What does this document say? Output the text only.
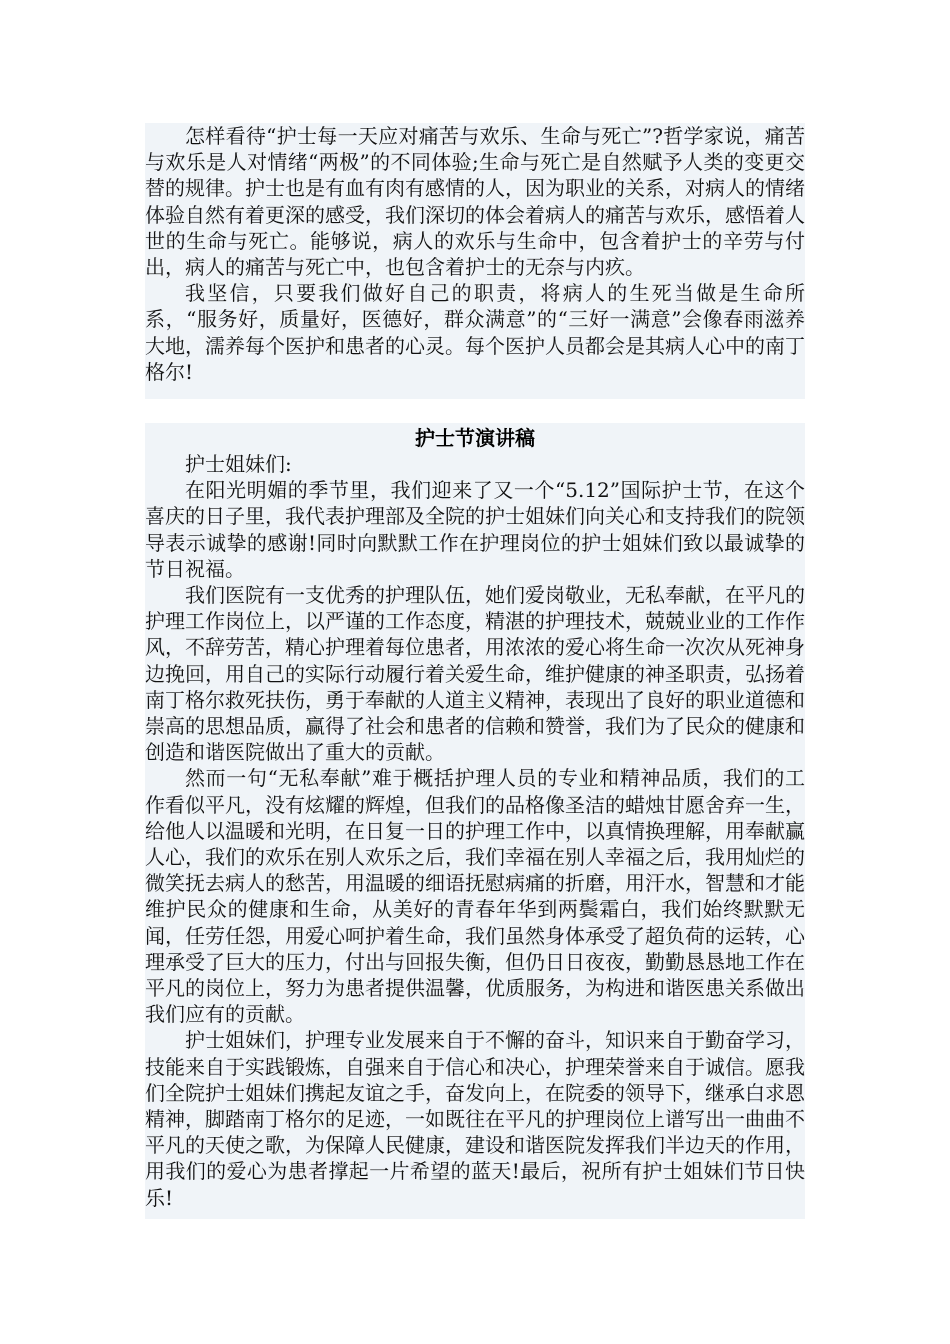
怎样看待“护士每一天应对痛苦与欢乐、生命与死亡”?哲学家说，痛苦与欢乐是人对情绪“两极”的不同体验;生命与死亡是自然赋予人类的变更交替的规律。护士也是有血有肉有感情的人，因为职业的关系，对病人的情绪体验自然有着更深的感受，我们深切的体会着病人的痛苦与欢乐，感悟着人世的生命与死亡。能够说，病人的欢乐与生命中，包含着护士的辛劳与付出，病人的痛苦与死亡中，也包含着护士的无奈与内疚。

我坚信，只要我们做好自己的职责，将病人的生死当做是生命所系，“服务好，质量好，医德好，群众满意”的“三好一满意”会像春雨滋养大地，濡养每个医护和患者的心灵。每个医护人员都会是其病人心中的南丁格尔!

护士节演讲稿

护士姐妹们:

在阳光明媚的季节里，我们迎来了又一个“5.12”国际护士节，在这个喜庆的日子里，我代表护理部及全院的护士姐妹们向关心和支持我们的院领导表示诚挚的感谢!同时向默默工作在护理岗位的护士姐妹们致以最诚挚的节日祝福。

我们医院有一支优秀的护理队伍，她们爱岗敬业，无私奉献，在平凡的护理工作岗位上，以严谨的工作态度，精湛的护理技术，兢兢业业的工作作风，不辞劳苦，精心护理着每位患者，用浓浓的爱心将生命一次次从死神身边挽回，用自己的实际行动履行着关爱生命，维护健康的神圣职责，弘扬着南丁格尔救死扶伤，勇于奉献的人道主义精神，表现出了良好的职业道德和崇高的思想品质，赢得了社会和患者的信赖和赞誉，我们为了民众的健康和创造和谐医院做出了重大的贡献。

然而一句“无私奉献”难于概括护理人员的专业和精神品质，我们的工作看似平凡，没有炫耀的辉煌，但我们的品格像圣洁的蜡烛甘愿舍弃一生，给他人以温暖和光明，在日复一日的护理工作中，以真情换理解，用奉献赢人心，我们的欢乐在别人欢乐之后，我们幸福在别人幸福之后，我用灿烂的微笑抚去病人的愁苦，用温暖的细语抚慰病痛的折磨，用汗水，智慧和才能维护民众的健康和生命，从美好的青春年华到两鬓霜白，我们始终默默无闻，任劳任怨，用爱心呵护着生命，我们虽然身体承受了超负荷的运转，心理承受了巨大的压力，付出与回报失衡，但仍日日夜夜，勤勤恳恳地工作在平凡的岗位上，努力为患者提供温馨，优质服务，为构进和谐医患关系做出我们应有的贡献。

护士姐妹们，护理专业发展来自于不懈的奋斗，知识来自于勤奋学习，技能来自于实践锻炼，自强来自于信心和决心，护理荣誉来自于诚信。愿我们全院护士姐妹们携起友谊之手，奋发向上，在院委的领导下，继承白求恩精神，脚踏南丁格尔的足迹，一如既往在平凡的护理岗位上谱写出一曲曲不平凡的天使之歌，为保障人民健康，建设和谐医院发挥我们半边天的作用，用我们的爱心为患者撑起一片希望的蓝天!最后，祝所有护士姐妹们节日快乐!
